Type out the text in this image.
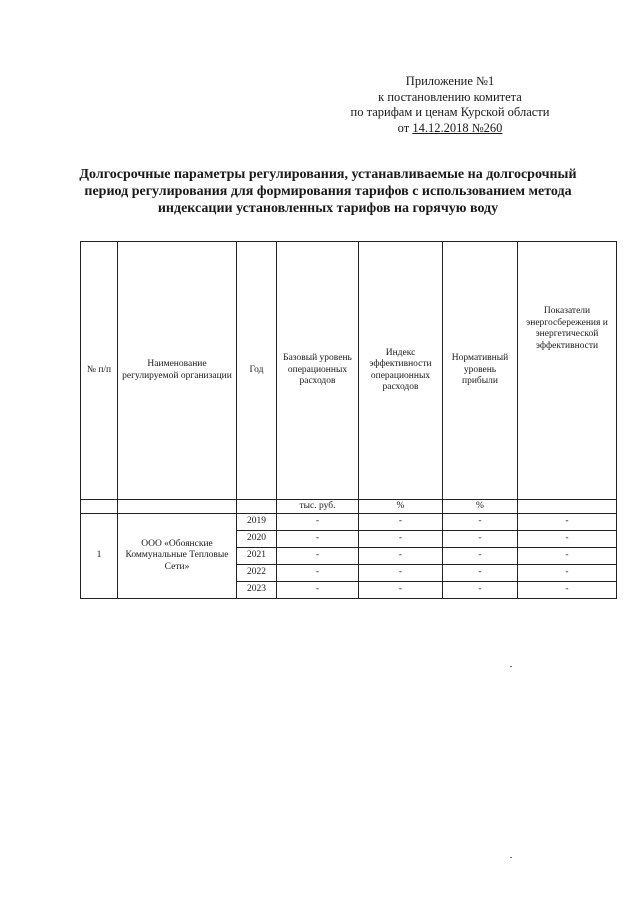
Приложение №1
к постановлению комитета
по тарифам и ценам Курской области
от 14.12.2018 №260
Долгосрочные параметры регулирования, устанавливаемые на долгосрочный период регулирования для формирования тарифов с использованием метода индексации установленных тарифов на горячую воду
№ п/п	Наименование регулируемой организации	Год	Базовый уровень операционных расходов	Индекс эффективности операционных расходов	Нормативный уровень прибыли	Показатели энергосбережения и энергетической эффективности
			тыс. руб.	%	%	
1	ООО «Обоянские Коммунальные Тепловые Сети»	2019	-	-	-	-
		2020	-	-	-	-
		2021	-	-	-	-
		2022	-	-	-	-
		2023	-	-	-	-
